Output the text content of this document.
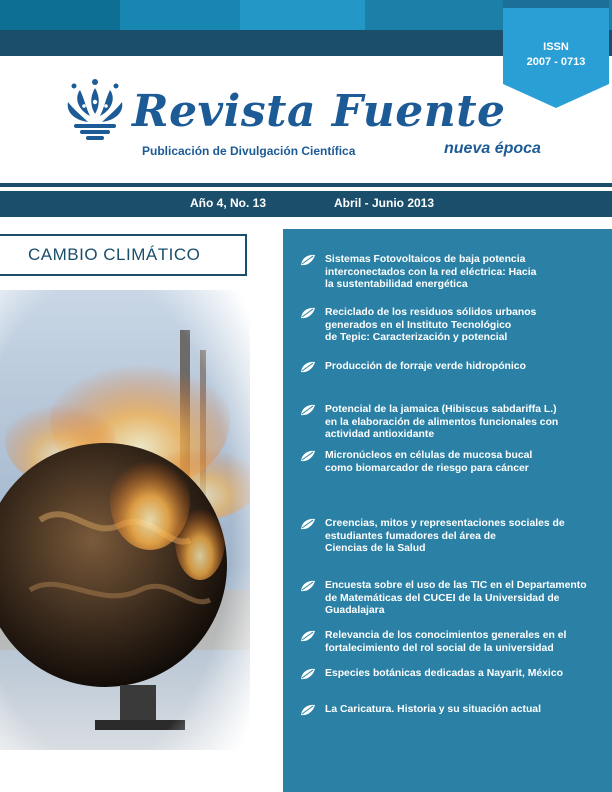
ISSN
2007 - 0713
Revista Fuente
Publicación de Divulgación Científica	nueva época
Año 4, No. 13	Abril - Junio 2013
CAMBIO CLIMÁTICO	Sistemas Fotovoltaicos de baja potencia
interconectados con la red eléctrica: Hacia
la sustentabilidad energética
Reciclado de los residuos sólidos urbanos
generados en el Instituto Tecnológico
de Tepic: Caracterización y potencial
Producción de forraje verde hidropónico
Potencial de la jamaica (Hibiscus sabdariffa L.)
en la elaboración de alimentos funcionales con
actividad antioxidante
Micronúcleos en células de mucosa bucal
como biomarcador de riesgo para cáncer
Creencias, mitos y representaciones sociales de
estudiantes fumadores del área de
Ciencias de la Salud
Encuesta sobre el uso de las TIC en el Departamento
de Matemáticas del CUCEI de la Universidad de
Guadalajara
Relevancia de los conocimientos generales en el
fortalecimiento del rol social de la universidad
Especies botánicas dedicadas a Nayarit, México
La Caricatura. Historia y su situación actual
